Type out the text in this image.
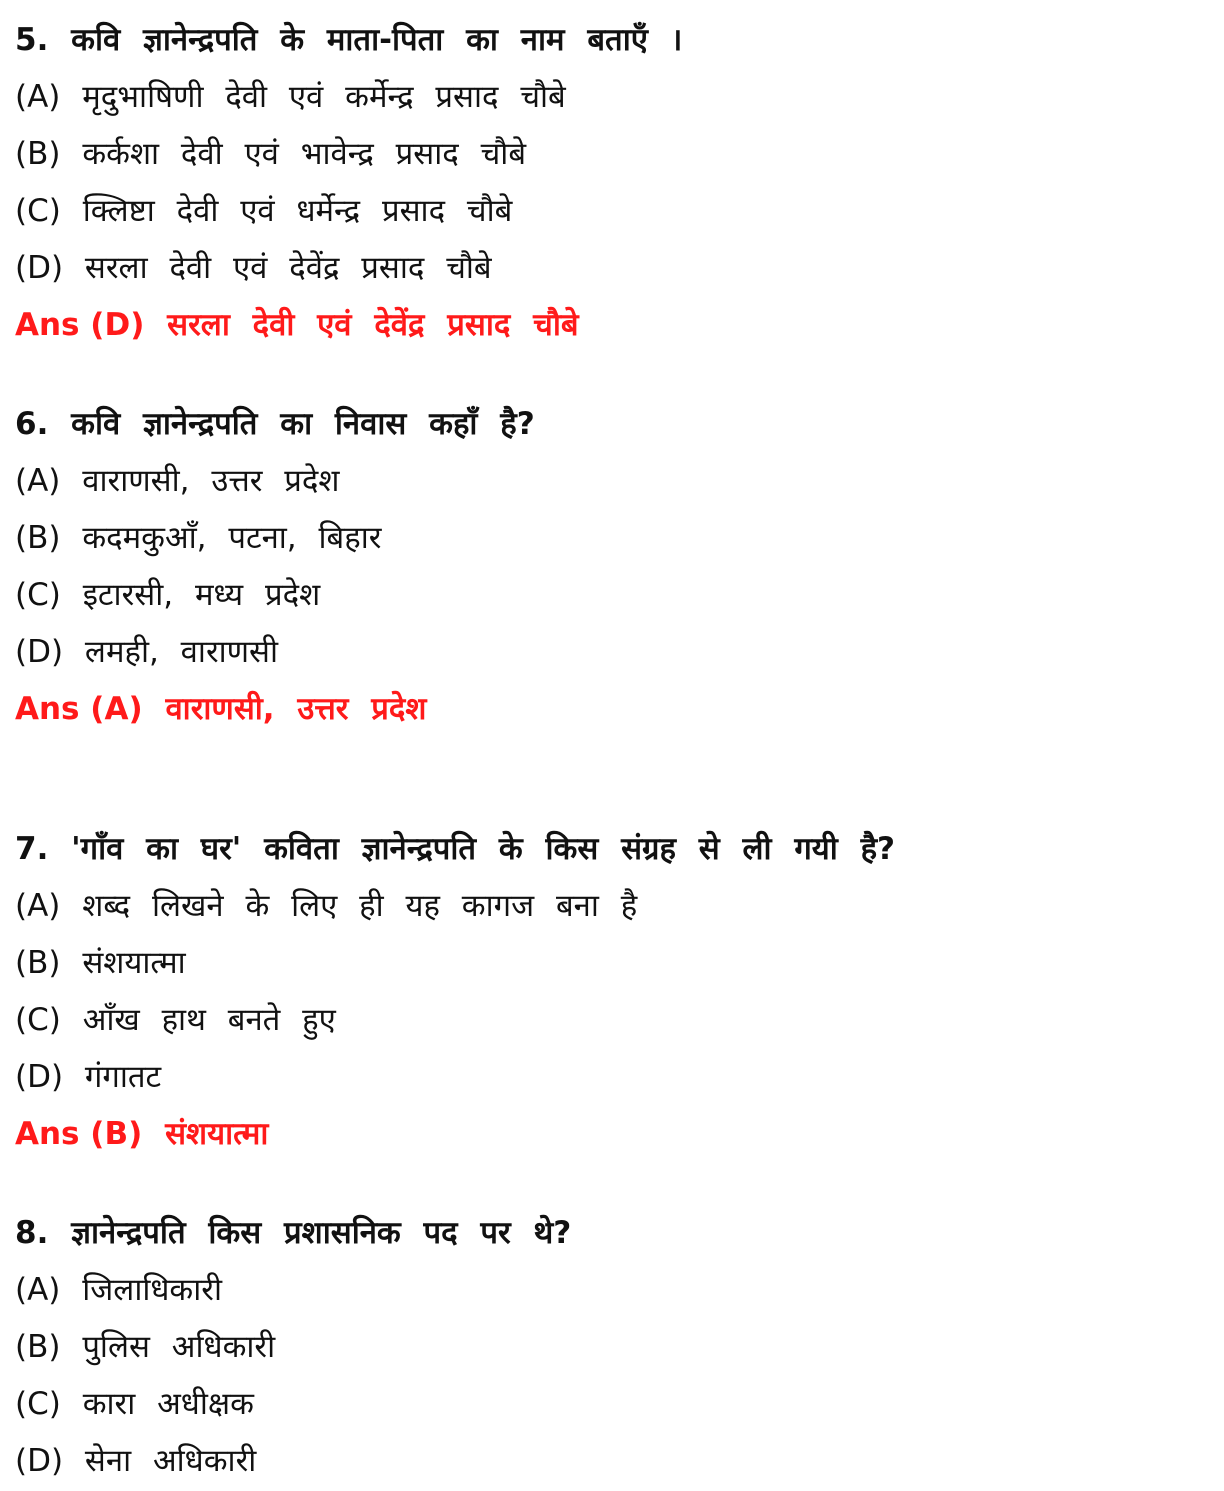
5. कवि ज्ञानेन्द्रपति के माता-पिता का नाम बताएँ ।
(A) मृदुभाषिणी देवी एवं कर्मेन्द्र प्रसाद चौबे
(B) कर्कशा देवी एवं भावेन्द्र प्रसाद चौबे
(C) क्लिष्टा देवी एवं धर्मेन्द्र प्रसाद चौबे
(D) सरला देवी एवं देवेंद्र प्रसाद चौबे
Ans (D) सरला देवी एवं देवेंद्र प्रसाद चौबे
6. कवि ज्ञानेन्द्रपति का निवास कहाँ है?
(A) वाराणसी, उत्तर प्रदेश
(B) कदमकुआँ, पटना, बिहार
(C) इटारसी, मध्य प्रदेश
(D) लमही, वाराणसी
Ans (A) वाराणसी, उत्तर प्रदेश
7. 'गाँव का घर' कविता ज्ञानेन्द्रपति के किस संग्रह से ली गयी है?
(A) शब्द लिखने के लिए ही यह कागज बना है
(B) संशयात्मा
(C) आँख हाथ बनते हुए
(D) गंगातट
Ans (B) संशयात्मा
8. ज्ञानेन्द्रपति किस प्रशासनिक पद पर थे?
(A) जिलाधिकारी
(B) पुलिस अधिकारी
(C) कारा अधीक्षक
(D) सेना अधिकारी
